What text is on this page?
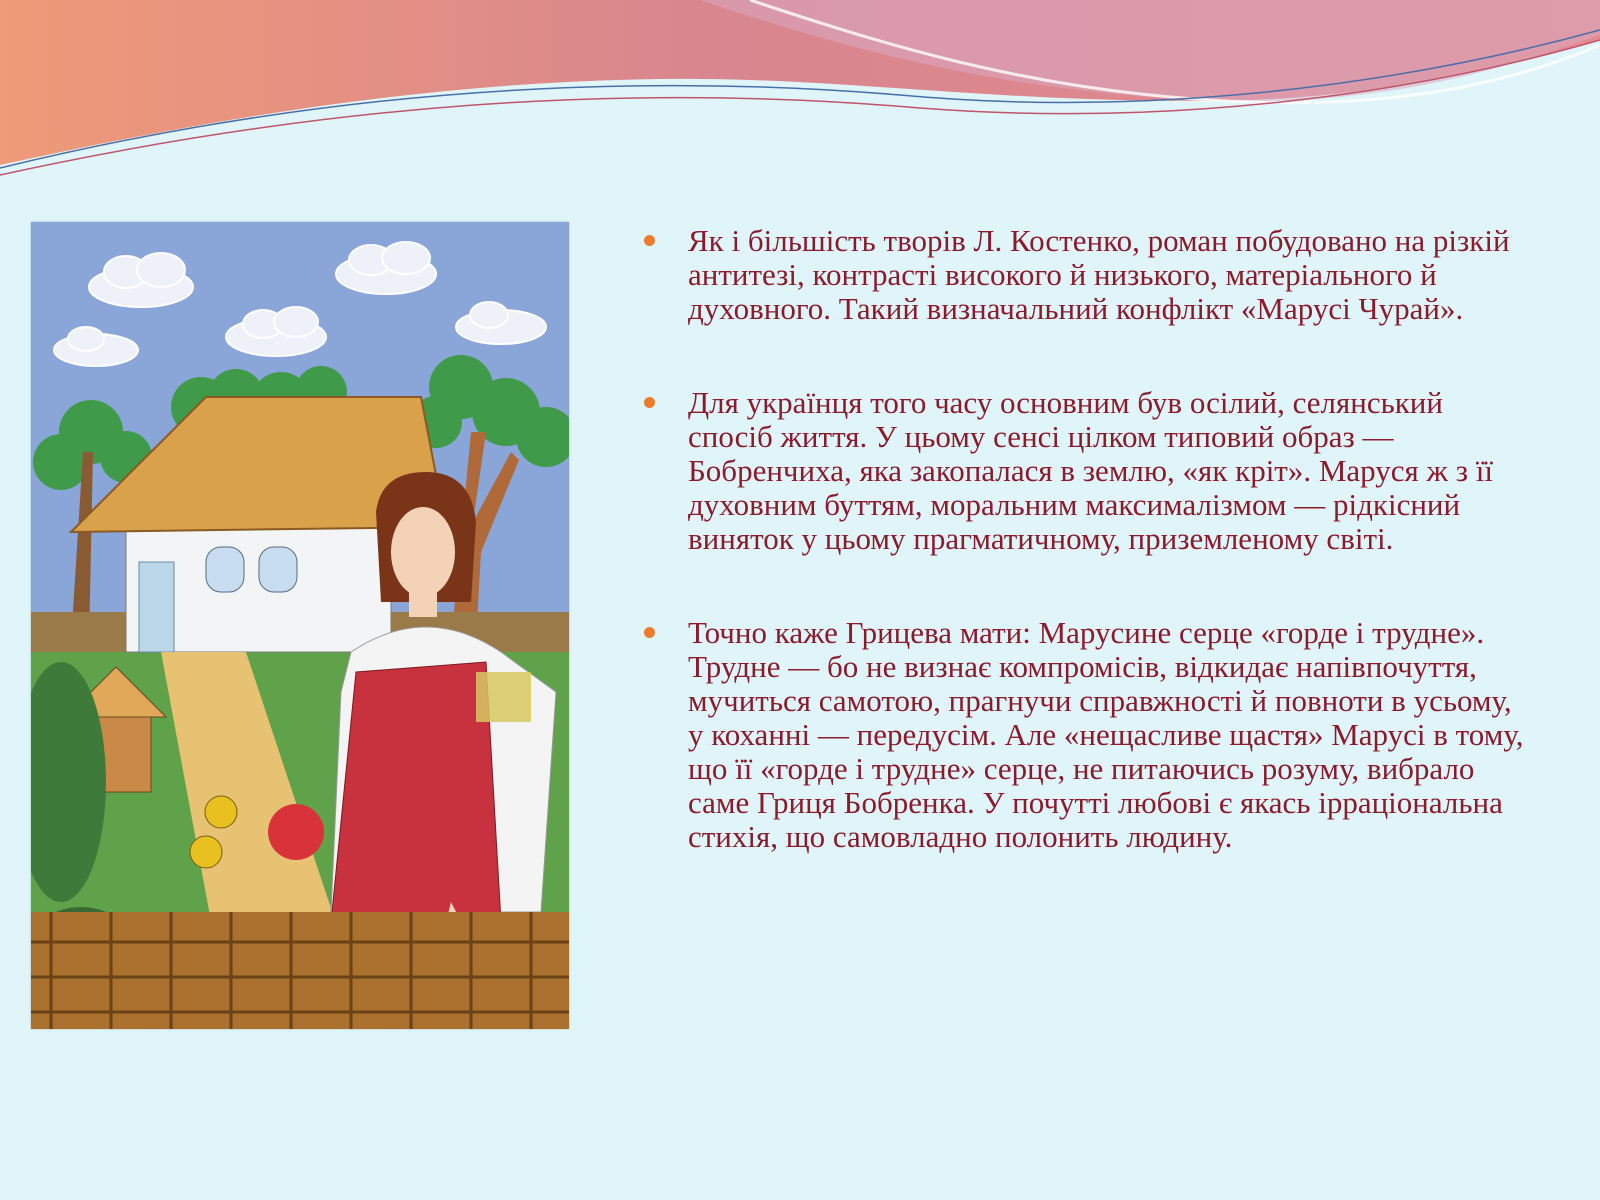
Як і більшість творів Л. Костенко, роман побудовано на різкій антитезі, контрасті високого й низького, матеріального й духовного. Такий визначальний конфлікт «Марусі Чурай».
Для українця того часу основним був осілий, селянський спосіб життя. У цьому сенсі цілком типовий образ — Бобренчиха, яка закопалася в землю, «як кріт». Маруся ж з її духовним буттям, моральним максималізмом — рідкісний виняток у цьому прагматичному, приземленому світі.
Точно каже Грицева мати: Марусине серце «горде і трудне». Трудне — бо не визнає компромісів, відкидає напівпочуття, мучиться самотою, прагнучи справжності й повноти в усьому, у коханні — передусім. Але «нещасливе щастя» Марусі в тому, що її «горде і трудне» серце, не питаючись розуму, вибрало саме Гриця Бобренка. У почутті любові є якась ірраціональна стихія, що самовладно полонить людину.
